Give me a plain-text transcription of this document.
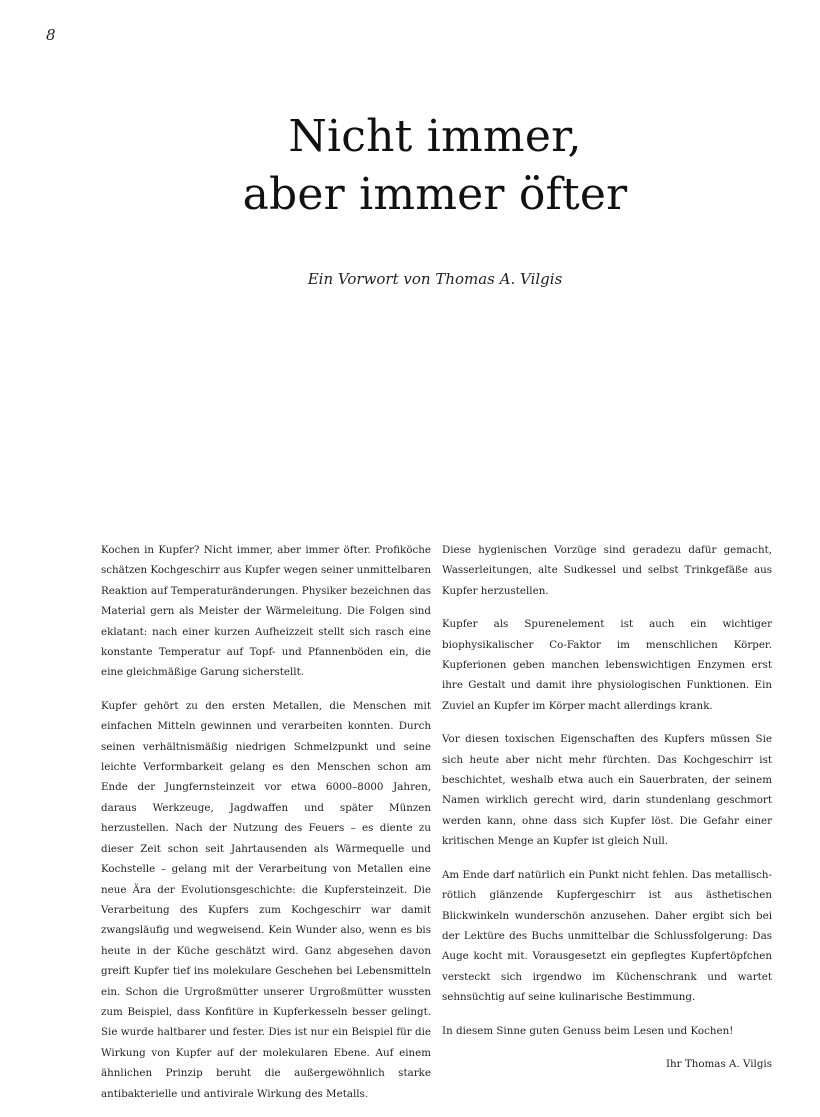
8
Nicht immer,
aber immer öfter
Ein Vorwort von Thomas A. Vilgis

Kochen in Kupfer? Nicht immer, aber immer öfter. Profiköche schätzen Kochgeschirr aus Kupfer wegen seiner unmittelbaren Reaktion auf Temperaturänderungen. Physiker bezeichnen das Material gern als Meister der Wärmeleitung. Die Folgen sind eklatant: nach einer kurzen Aufheizzeit stellt sich rasch eine konstante Temperatur auf Topf- und Pfannenböden ein, die eine gleichmäßige Garung sicherstellt.

Kupfer gehört zu den ersten Metallen, die Menschen mit einfachen Mitteln gewinnen und verarbeiten konnten. Durch seinen verhältnismäßig niedrigen Schmelzpunkt und seine leichte Verformbarkeit gelang es den Menschen schon am Ende der Jungfernsteinzeit vor etwa 6000–8000 Jahren, daraus Werkzeuge, Jagdwaffen und später Münzen herzustellen. Nach der Nutzung des Feuers – es diente zu dieser Zeit schon seit Jahrtausenden als Wärmequelle und Kochstelle – gelang mit der Verarbeitung von Metallen eine neue Ära der Evolutionsgeschichte: die Kupfersteinzeit. Die Verarbeitung des Kupfers zum Kochgeschirr war damit zwangsläufig und wegweisend. Kein Wunder also, wenn es bis heute in der Küche geschätzt wird. Ganz abgesehen davon greift Kupfer tief ins molekulare Geschehen bei Lebensmitteln ein. Schon die Urgroßmütter unserer Urgroßmütter wussten zum Beispiel, dass Konfitüre in Kupferkesseln besser gelingt. Sie wurde haltbarer und fester. Dies ist nur ein Beispiel für die Wirkung von Kupfer auf der molekularen Ebene. Auf einem ähnlichen Prinzip beruht die außergewöhnlich starke antibakterielle und antivirale Wirkung des Metalls.

Diese hygienischen Vorzüge sind geradezu dafür gemacht, Wasserleitungen, alte Sudkessel und selbst Trinkgefäße aus Kupfer herzustellen.

Kupfer als Spurenelement ist auch ein wichtiger biophysikalischer Co-Faktor im menschlichen Körper. Kupferionen geben manchen lebenswichtigen Enzymen erst ihre Gestalt und damit ihre physiologischen Funktionen. Ein Zuviel an Kupfer im Körper macht allerdings krank.

Vor diesen toxischen Eigenschaften des Kupfers müssen Sie sich heute aber nicht mehr fürchten. Das Kochgeschirr ist beschichtet, weshalb etwa auch ein Sauerbraten, der seinem Namen wirklich gerecht wird, darin stundenlang geschmort werden kann, ohne dass sich Kupfer löst. Die Gefahr einer kritischen Menge an Kupfer ist gleich Null.

Am Ende darf natürlich ein Punkt nicht fehlen. Das metallisch-rötlich glänzende Kupfergeschirr ist aus ästhetischen Blickwinkeln wunderschön anzusehen. Daher ergibt sich bei der Lektüre des Buchs unmittelbar die Schlussfolgerung: Das Auge kocht mit. Vorausgesetzt ein gepflegtes Kupfertöpfchen versteckt sich irgendwo im Küchenschrank und wartet sehnsüchtig auf seine kulinarische Bestimmung.

In diesem Sinne guten Genuss beim Lesen und Kochen!

Ihr Thomas A. Vilgis
